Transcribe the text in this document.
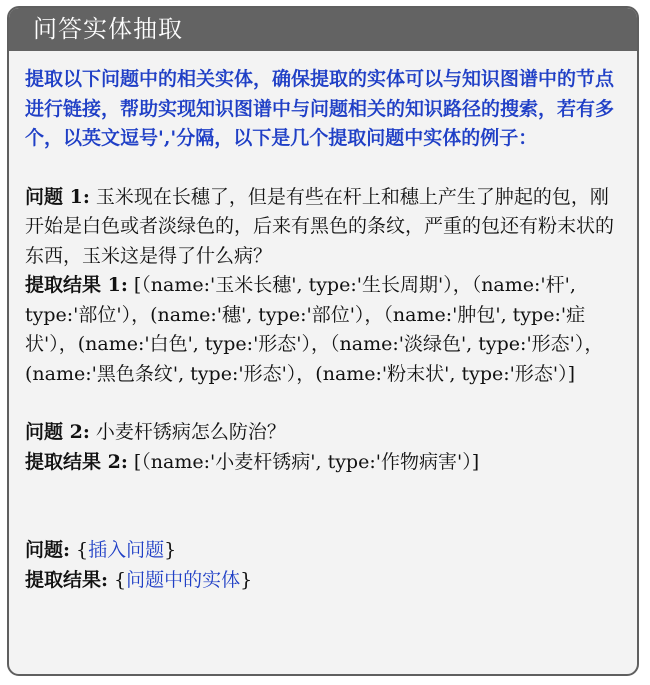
问答实体抽取

提取以下问题中的相关实体，确保提取的实体可以与知识图谱中的节点进行链接，帮助实现知识图谱中与问题相关的知识路径的搜索，若有多个，以英文逗号','分隔，以下是几个提取问题中实体的例子：

问题 1: 玉米现在长穗了，但是有些在杆上和穗上产生了肿起的包，刚开始是白色或者淡绿色的，后来有黑色的条纹，严重的包还有粉末状的东西，玉米这是得了什么病？

提取结果 1: [（name:'玉米长穗', type:'生长周期'），（name:'杆', type:'部位'），(name:'穗', type:'部位'），（name:'肿包', type:'症状'），(name:'白色', type:'形态'），（name:'淡绿色', type:'形态'），(name:'黑色条纹', type:'形态'），(name:'粉末状', type:'形态'）]

问题 2: 小麦杆锈病怎么防治？

提取结果 2: [（name:'小麦杆锈病', type:'作物病害'）]

问题: {插入问题}

提取结果: {问题中的实体}
